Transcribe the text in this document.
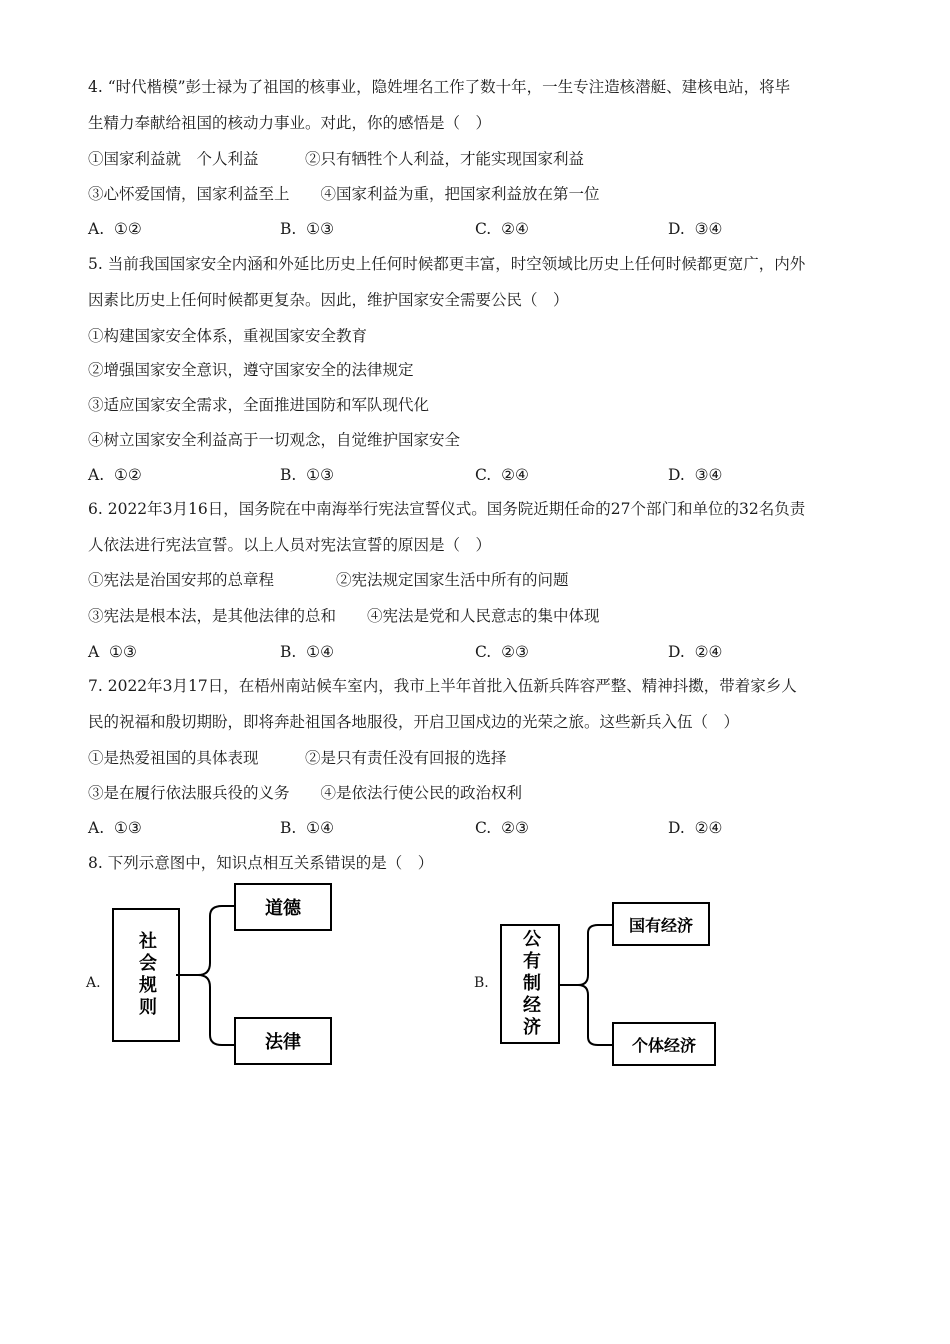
4. “时代楷模”彭士禄为了祖国的核事业，隐姓埋名工作了数十年，一生专注造核潜艇、建核电站，将毕
生精力奉献给祖国的核动力事业。对此，你的感悟是（　）
①国家利益就　个人利益　　　②只有牺牲个人利益，才能实现国家利益
③心怀爱国情，国家利益至上　　④国家利益为重，把国家利益放在第一位
A.  ①②	B.  ①③	C.  ②④	D.  ③④
5. 当前我国国家安全内涵和外延比历史上任何时候都更丰富，时空领域比历史上任何时候都更宽广，内外
因素比历史上任何时候都更复杂。因此，维护国家安全需要公民（　）
①构建国家安全体系，重视国家安全教育
②增强国家安全意识，遵守国家安全的法律规定
③适应国家安全需求，全面推进国防和军队现代化
④树立国家安全利益高于一切观念，自觉维护国家安全
A.  ①②	B.  ①③	C.  ②④	D.  ③④
6. 2022年3月16日，国务院在中南海举行宪法宣誓仪式。国务院近期任命的27个部门和单位的32名负责
人依法进行宪法宣誓。以上人员对宪法宣誓的原因是（　）
①宪法是治国安邦的总章程　　　　②宪法规定国家生活中所有的问题
③宪法是根本法，是其他法律的总和　　④宪法是党和人民意志的集中体现
A  ①③	B.  ①④	C.  ②③	D.  ②④
7. 2022年3月17日，在梧州南站候车室内，我市上半年首批入伍新兵阵容严整、精神抖擞，带着家乡人
民的祝福和殷切期盼，即将奔赴祖国各地服役，开启卫国戍边的光荣之旅。这些新兵入伍（　）
①是热爱祖国的具体表现　　　②是只有责任没有回报的选择
③是在履行依法服兵役的义务　　④是依法行使公民的政治权利
A.  ①③	B.  ①④	C.  ②③	D.  ②④
8. 下列示意图中，知识点相互关系错误的是（　）
A.	社会规则
道德
法律
B.	公有制经济
国有经济
个体经济
